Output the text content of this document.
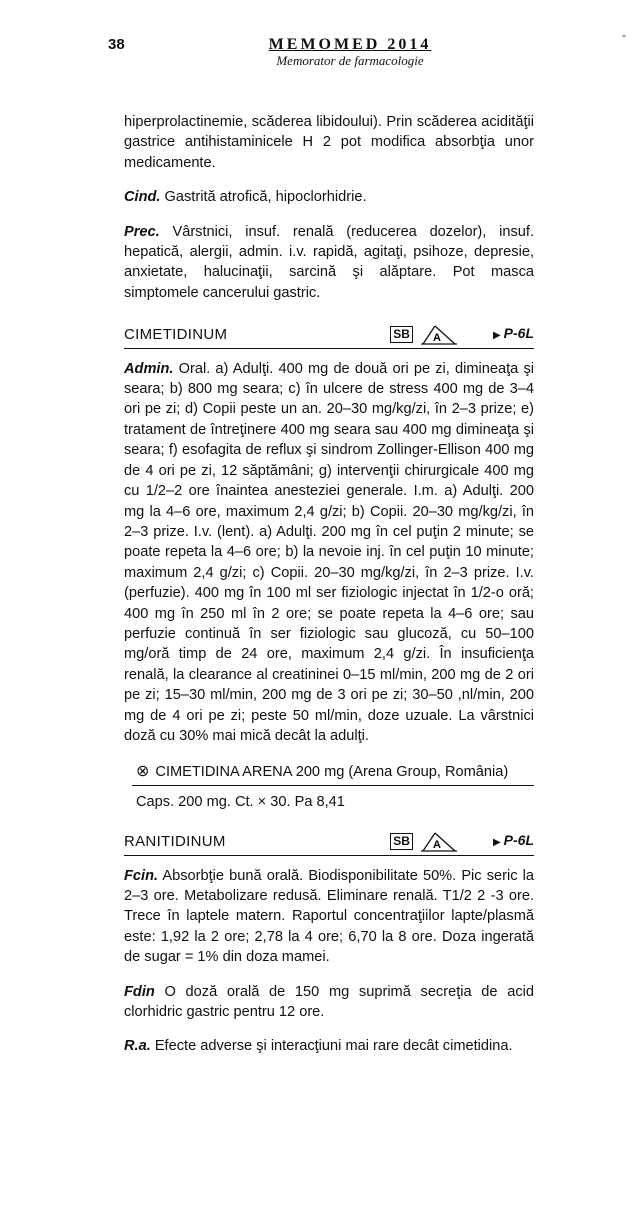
38	MEMOMED 2014
Memorator de farmacologie
-

hiperprolactinemie, scăderea libidoului). Prin scăderea acidităţii gastrice antihistaminicele H 2 pot modifica absorbţia unor medicamente.

Cind. Gastrită atrofică, hipoclorhidrie.

Prec. Vârstnici, insuf. renală (reducerea dozelor), insuf. hepatică, alergii, admin. i.v. rapidă, agitaţi, psihoze, depresie, anxietate, halucinaţii, sarcină şi alăptare. Pot masca simptomele cancerului gastric.

CIMETIDINUM	SB A	▶ P-6L

Admin. Oral. a) Adulţi. 400 mg de două ori pe zi, dimineaţa şi seara; b) 800 mg seara; c) în ulcere de stress 400 mg de 3–4 ori pe zi; d) Copii peste un an. 20–30 mg/kg/zi, în 2–3 prize; e) tratament de întreţinere 400 mg seara sau 400 mg dimineaţa şi seara; f) esofagita de reflux şi sindrom Zollinger-Ellison 400 mg de 4 ori pe zi, 12 săptămâni; g) intervenţii chirurgicale 400 mg cu 1/2–2 ore înaintea anesteziei generale. I.m. a) Adulţi. 200 mg la 4–6 ore, maximum 2,4 g/zi; b) Copii. 20–30 mg/kg/zi, în 2–3 prize. I.v. (lent). a) Adulţi. 200 mg în cel puţin 2 minute; se poate repeta la 4–6 ore; b) la nevoie inj. în cel puţin 10 minute; maximum 2,4 g/zi; c) Copii. 20–30 mg/kg/zi, în 2–3 prize. I.v. (perfuzie). 400 mg în 100 ml ser fiziologic injectat în 1/2-o oră; 400 mg în 250 ml în 2 ore; se poate repeta la 4–6 ore; sau perfuzie continuă în ser fiziologic sau glucoză, cu 50–100 mg/oră timp de 24 ore, maximum 2,4 g/zi. În insuficienţa renală, la clearance al creatininei 0–15 ml/min, 200 mg de 2 ori pe zi; 15–30 ml/min, 200 mg de 3 ori pe zi; 30–50 ,nl/min, 200 mg de 4 ori pe zi; peste 50 ml/min, doze uzuale. La vârstnici doză cu 30% mai mică decât la adulţi.

⊗ CIMETIDINA ARENA 200 mg (Arena Group, România)
Caps. 200 mg. Ct. × 30. Pa 8,41
RANITIDINUM	SB A	▶ P-6L

Fcin. Absorbţie bună orală. Biodisponibilitate 50%. Pic seric la 2–3 ore. Metabolizare redusă. Eliminare renală. T1/2 2 -3 ore. Trece în laptele matern. Raportul concentraţiilor lapte/plasmă este: 1,92 la 2 ore; 2,78 la 4 ore; 6,70 la 8 ore. Doza ingerată de sugar = 1% din doza mamei.

Fdin O doză orală de 150 mg suprimă secreţia de acid clorhidric gastric pentru 12 ore.

R.a. Efecte adverse şi interacţiuni mai rare decât cimetidina.
